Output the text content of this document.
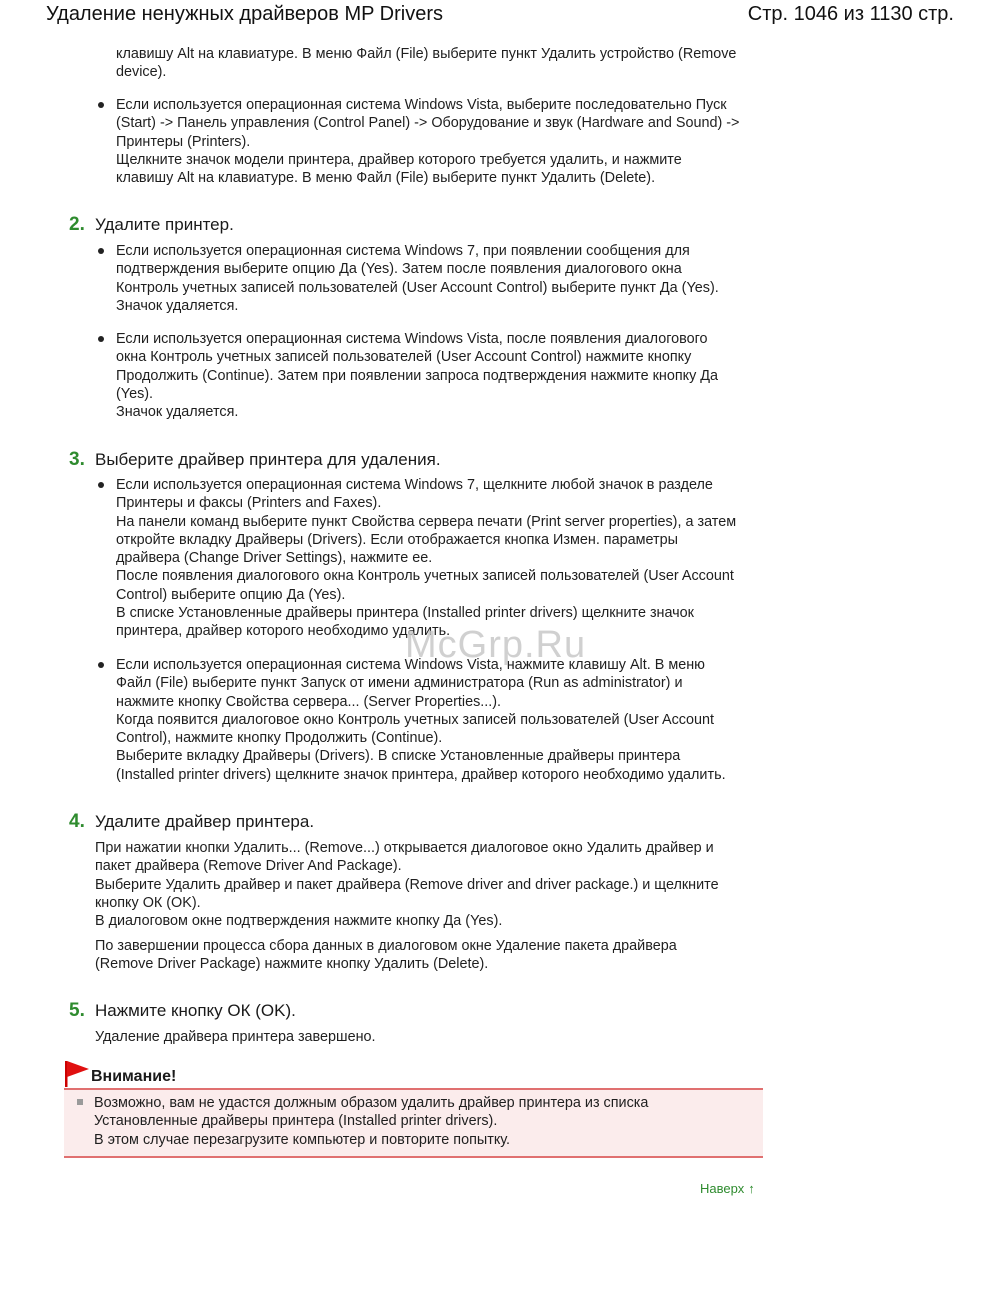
Удаление ненужных драйверов MP Drivers	Стр. 1046 из 1130 стр.
клавишу Alt на клавиатуре. В меню Файл (File) выберите пункт Удалить устройство (Remove
device).
Если используется операционная система Windows Vista, выберите последовательно Пуск
(Start) -> Панель управления (Control Panel) -> Оборудование и звук (Hardware and Sound) ->
Принтеры (Printers).
Щелкните значок модели принтера, драйвер которого требуется удалить, и нажмите
клавишу Alt на клавиатуре. В меню Файл (File) выберите пункт Удалить (Delete).
2. Удалите принтер.
Если используется операционная система Windows 7, при появлении сообщения для
подтверждения выберите опцию Да (Yes). Затем после появления диалогового окна
Контроль учетных записей пользователей (User Account Control) выберите пункт Да (Yes).
Значок удаляется.
Если используется операционная система Windows Vista, после появления диалогового
окна Контроль учетных записей пользователей (User Account Control) нажмите кнопку
Продолжить (Continue). Затем при появлении запроса подтверждения нажмите кнопку Да
(Yes).
Значок удаляется.
3. Выберите драйвер принтера для удаления.
Если используется операционная система Windows 7, щелкните любой значок в разделе
Принтеры и факсы (Printers and Faxes).
На панели команд выберите пункт Свойства сервера печати (Print server properties), а затем
откройте вкладку Драйверы (Drivers). Если отображается кнопка Измен. параметры
драйвера (Change Driver Settings), нажмите ее.
После появления диалогового окна Контроль учетных записей пользователей (User Account
Control) выберите опцию Да (Yes).
В списке Установленные драйверы принтера (Installed printer drivers) щелкните значок
принтера, драйвер которого необходимо удалить.
Если используется операционная система Windows Vista, нажмите клавишу Alt. В меню
Файл (File) выберите пункт Запуск от имени администратора (Run as administrator) и
нажмите кнопку Свойства сервера... (Server Properties...).
Когда появится диалоговое окно Контроль учетных записей пользователей (User Account
Control), нажмите кнопку Продолжить (Continue).
Выберите вкладку Драйверы (Drivers). В списке Установленные драйверы принтера
(Installed printer drivers) щелкните значок принтера, драйвер которого необходимо удалить.
McGrp.Ru
4. Удалите драйвер принтера.
При нажатии кнопки Удалить... (Remove...) открывается диалоговое окно Удалить драйвер и
пакет драйвера (Remove Driver And Package).
Выберите Удалить драйвер и пакет драйвера (Remove driver and driver package.) и щелкните
кнопку ОК (OK).
В диалоговом окне подтверждения нажмите кнопку Да (Yes).
По завершении процесса сбора данных в диалоговом окне Удаление пакета драйвера
(Remove Driver Package) нажмите кнопку Удалить (Delete).
5. Нажмите кнопку ОК (OK).
Удаление драйвера принтера завершено.
Внимание!
Возможно, вам не удастся должным образом удалить драйвер принтера из списка
Установленные драйверы принтера (Installed printer drivers).
В этом случае перезагрузите компьютер и повторите попытку.
Наверх ↑
